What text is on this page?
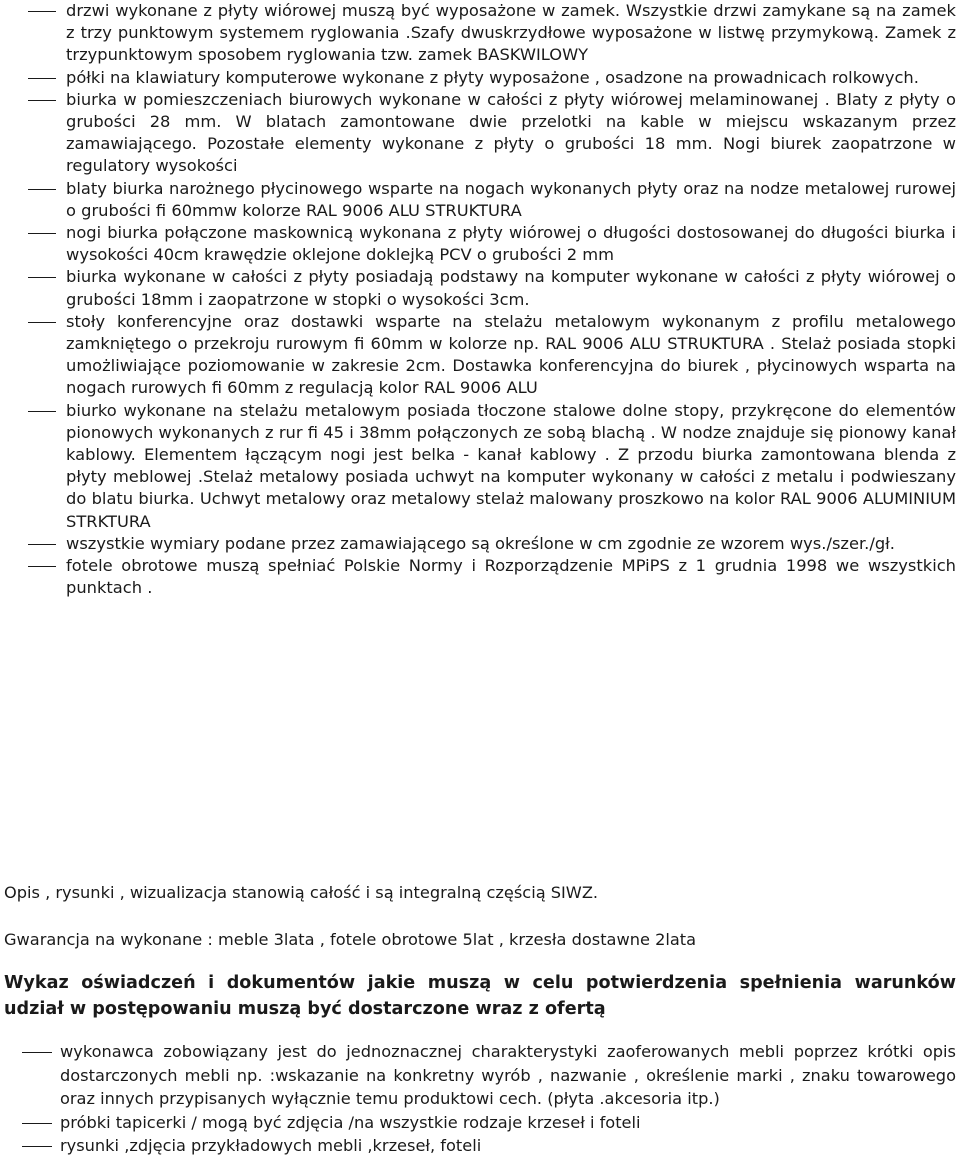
drzwi wykonane z płyty wiórowej muszą być wyposażone w zamek. Wszystkie drzwi zamykane są na zamek z trzy punktowym systemem ryglowania .Szafy dwuskrzydłowe wyposażone w listwę przymykową. Zamek z trzypunktowym sposobem ryglowania tzw. zamek BASKWILOWY
półki na klawiatury komputerowe wykonane z płyty wyposażone , osadzone na prowadnicach rolkowych.
biurka w pomieszczeniach biurowych wykonane w całości z płyty wiórowej melaminowanej . Blaty z płyty o grubości 28 mm. W blatach zamontowane dwie przelotki na kable w miejscu wskazanym przez zamawiającego. Pozostałe elementy wykonane z płyty o grubości 18 mm. Nogi biurek zaopatrzone w regulatory wysokości
blaty biurka narożnego płycinowego wsparte na nogach wykonanych płyty oraz na nodze metalowej rurowej o grubości fi 60mmw kolorze RAL 9006 ALU STRUKTURA
nogi biurka połączone maskownicą wykonana z płyty wiórowej o długości dostosowanej do długości biurka i wysokości 40cm krawędzie oklejone doklejką PCV o grubości 2 mm
biurka wykonane w całości z płyty posiadają podstawy na komputer wykonane w całości z płyty wiórowej o grubości 18mm i zaopatrzone w stopki o wysokości 3cm.
stoły konferencyjne oraz dostawki wsparte na stelażu metalowym wykonanym z profilu metalowego zamkniętego o przekroju rurowym fi 60mm w kolorze np. RAL 9006 ALU STRUKTURA . Stelaż posiada stopki umożliwiające poziomowanie w zakresie 2cm. Dostawka konferencyjna do biurek , płycinowych wsparta na nogach rurowych fi 60mm z regulacją kolor RAL 9006 ALU
biurko wykonane na stelażu metalowym posiada tłoczone stalowe dolne stopy, przykręcone do elementów pionowych wykonanych z rur fi 45 i 38mm połączonych ze sobą blachą . W nodze znajduje się pionowy kanał kablowy. Elementem łączącym nogi jest belka - kanał kablowy . Z przodu biurka zamontowana blenda z płyty meblowej .Stelaż metalowy posiada uchwyt na komputer wykonany w całości z metalu i podwieszany do blatu biurka. Uchwyt metalowy oraz metalowy stelaż malowany proszkowo na kolor RAL 9006 ALUMINIUM STRKTURA
wszystkie wymiary podane przez zamawiającego są określone w cm zgodnie ze wzorem wys./szer./gł.
fotele obrotowe muszą spełniać Polskie Normy i Rozporządzenie MPiPS z 1 grudnia 1998 we wszystkich punktach .

Opis , rysunki , wizualizacja stanowią całość i są integralną częścią SIWZ.

Gwarancja na wykonane : meble 3lata , fotele obrotowe 5lat , krzesła dostawne 2lata

Wykaz oświadczeń i dokumentów jakie muszą w celu potwierdzenia spełnienia warunków udział w postępowaniu muszą być dostarczone wraz z ofertą

wykonawca zobowiązany jest do jednoznacznej charakterystyki zaoferowanych mebli poprzez krótki opis dostarczonych mebli np. :wskazanie na konkretny wyrób , nazwanie , określenie marki , znaku towarowego oraz innych przypisanych wyłącznie temu produktowi cech. (płyta .akcesoria itp.)
próbki tapicerki / mogą być zdjęcia /na wszystkie rodzaje krzeseł i foteli
rysunki ,zdjęcia przykładowych mebli ,krzeseł, foteli
